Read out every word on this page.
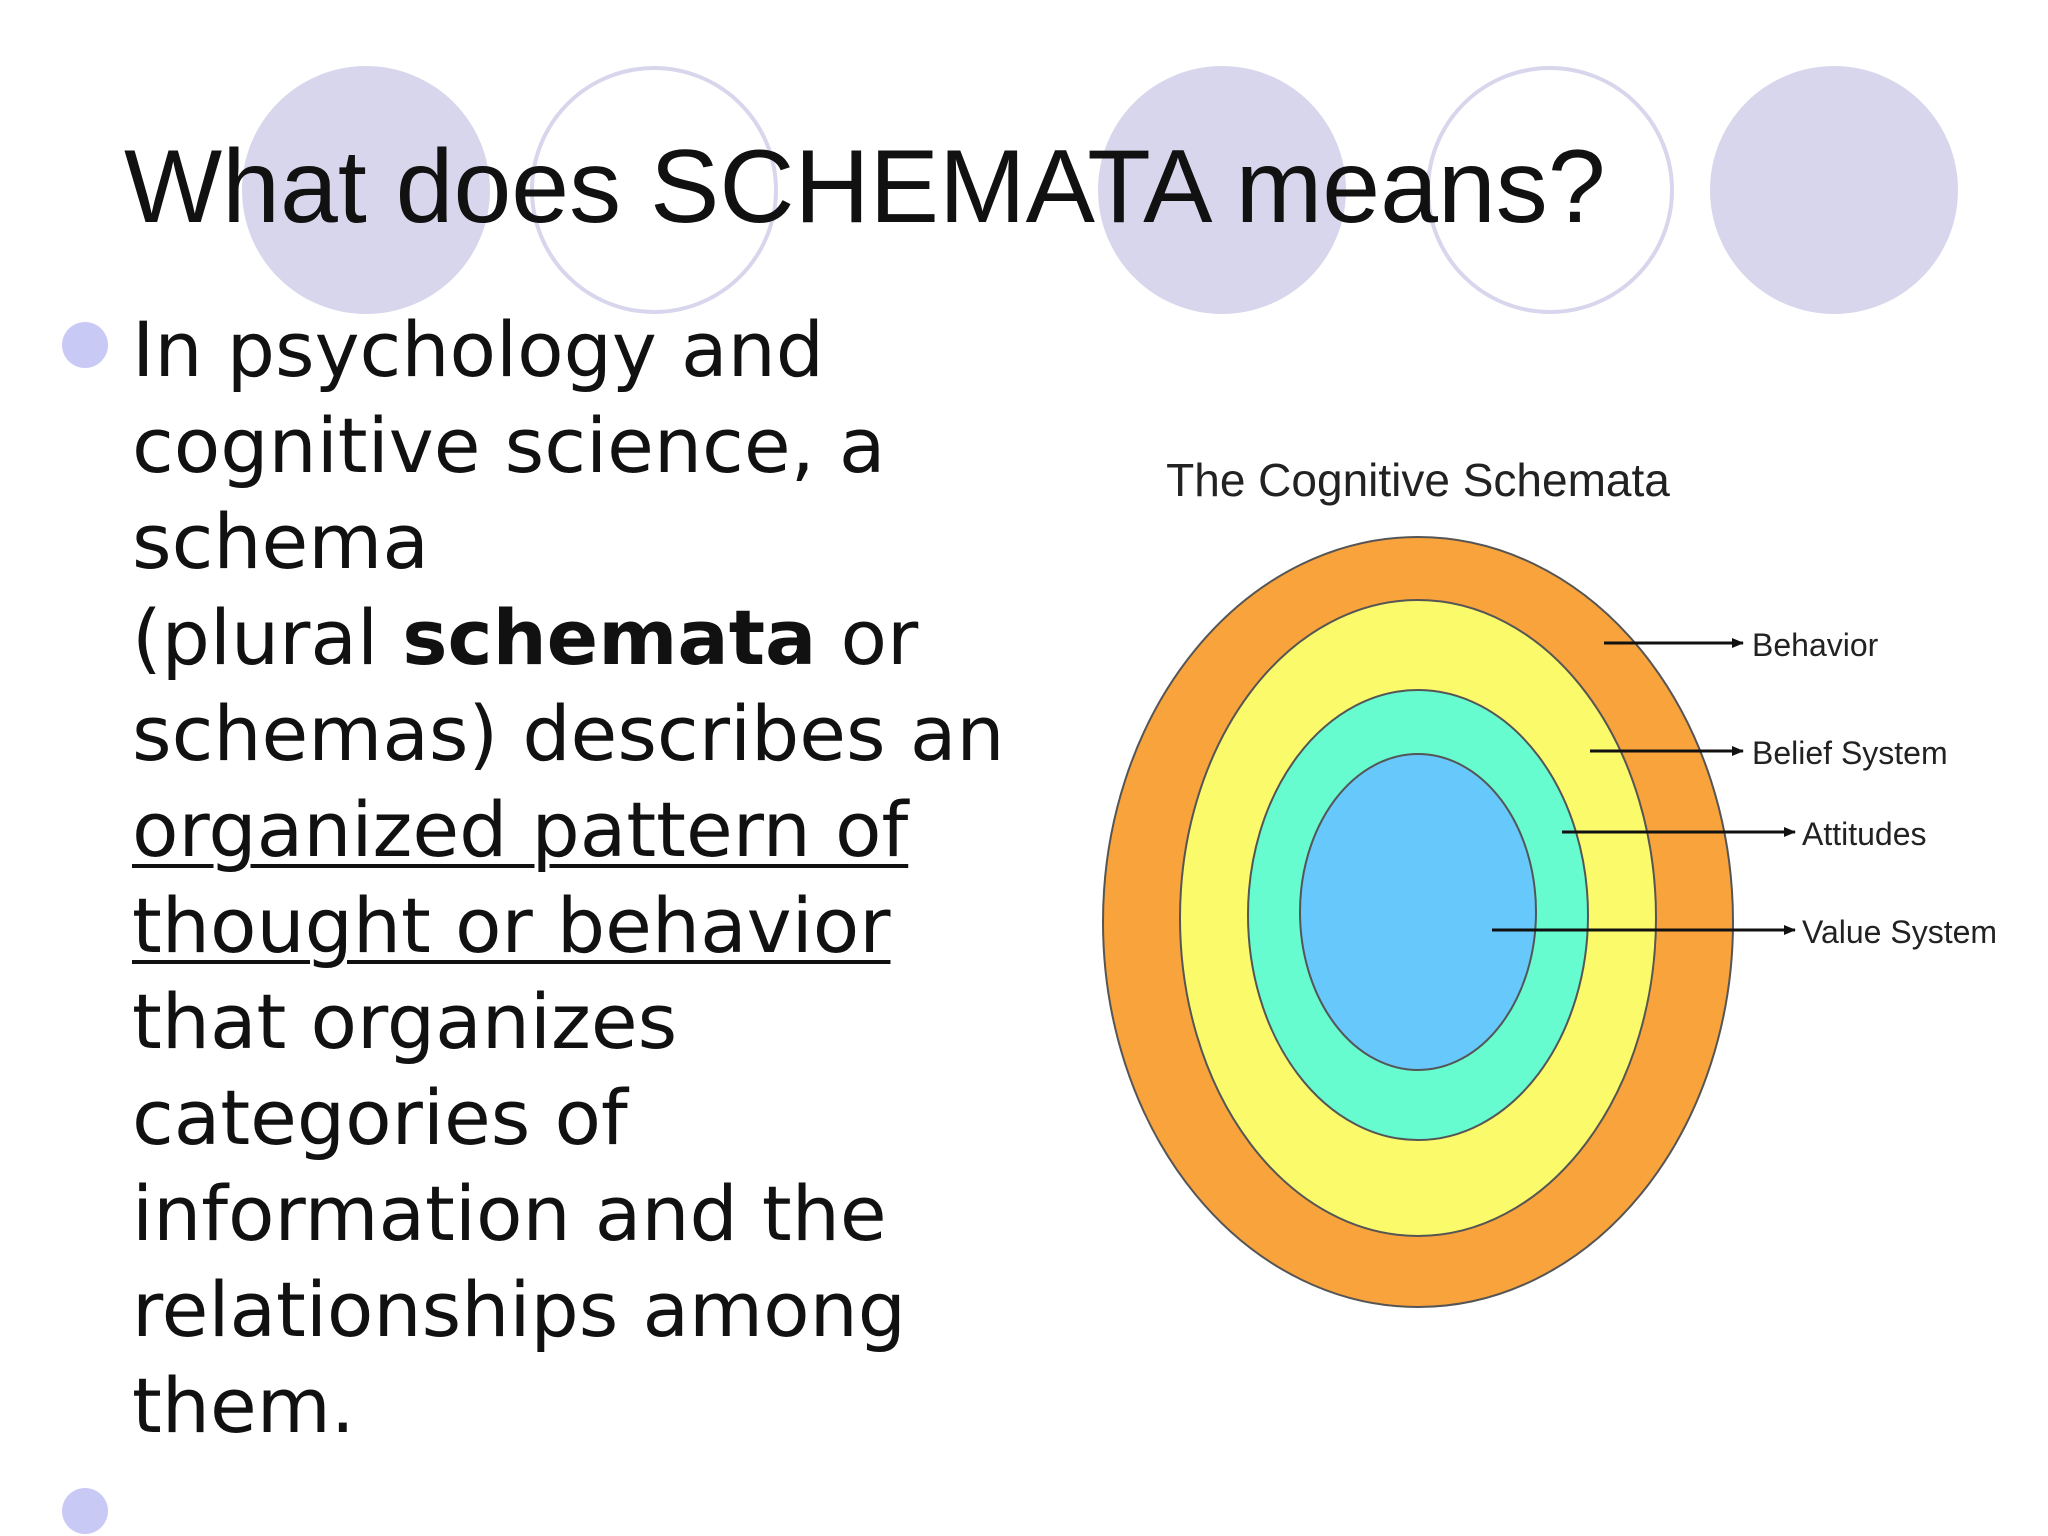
What does SCHEMATA means?

In psychology and
cognitive science, a
schema
(plural schemata or
schemas) describes an
organized pattern of
thought or behavior
that organizes
categories of
information and the
relationships among
them.

The Cognitive Schemata
Behavior
Belief System
Attitudes
Value System
